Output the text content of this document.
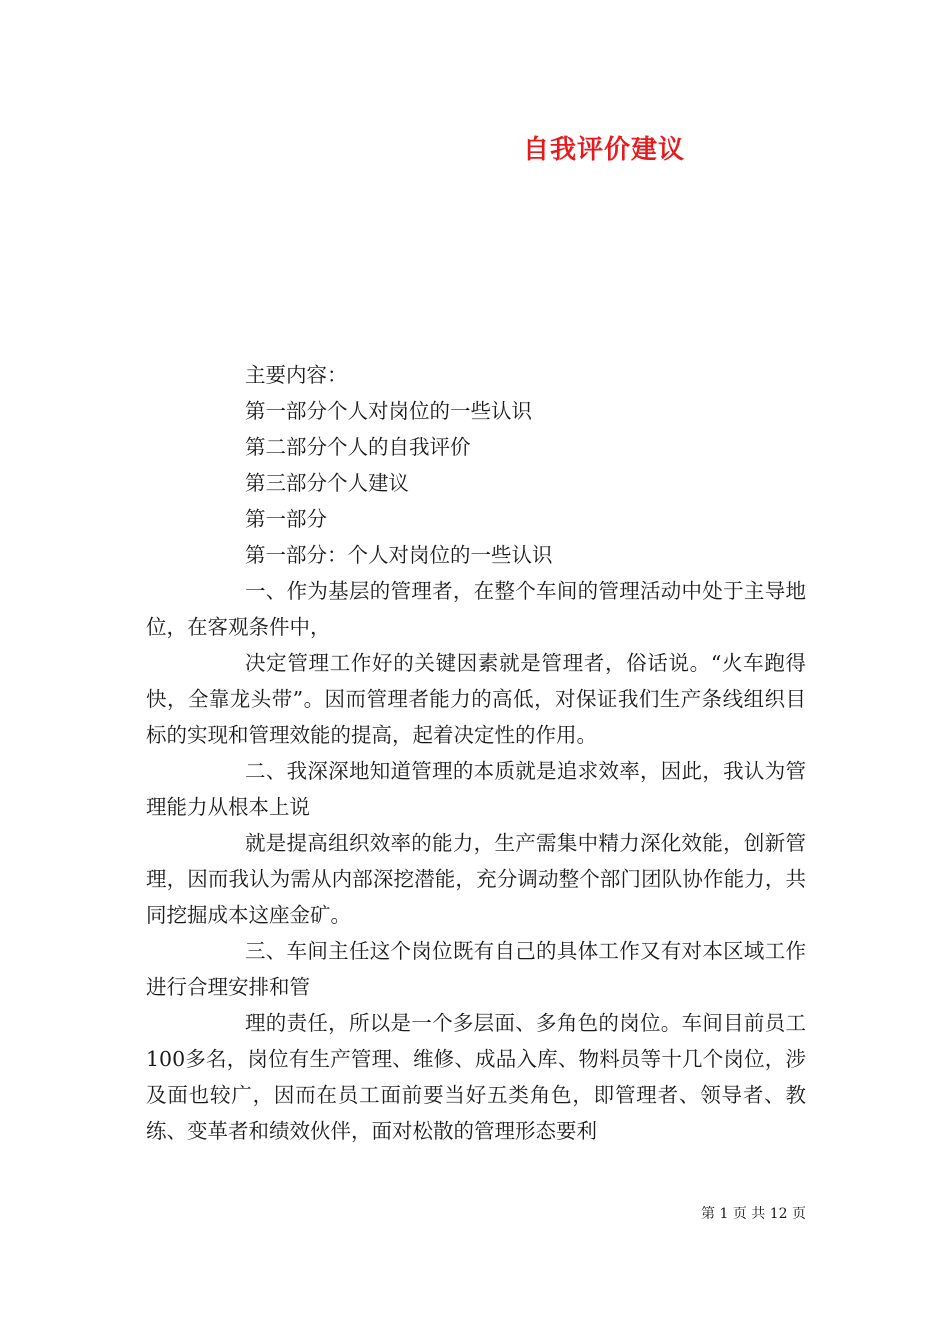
自我评价建议

主要内容：

第一部分个人对岗位的一些认识

第二部分个人的自我评价

第三部分个人建议

第一部分

第一部分：个人对岗位的一些认识

一、作为基层的管理者，在整个车间的管理活动中处于主导地位，在客观条件中，

决定管理工作好的关键因素就是管理者，俗话说。“火车跑得快，全靠龙头带”。因而管理者能力的高低，对保证我们生产条线组织目标的实现和管理效能的提高，起着决定性的作用。

二、我深深地知道管理的本质就是追求效率，因此，我认为管理能力从根本上说

就是提高组织效率的能力，生产需集中精力深化效能，创新管理，因而我认为需从内部深挖潜能，充分调动整个部门团队协作能力，共同挖掘成本这座金矿。

三、车间主任这个岗位既有自己的具体工作又有对本区域工作进行合理安排和管

理的责任，所以是一个多层面、多角色的岗位。车间目前员工100多名，岗位有生产管理、维修、成品入库、物料员等十几个岗位，涉及面也较广，因而在员工面前要当好五类角色，即管理者、领导者、教练、变革者和绩效伙伴，面对松散的管理形态要利

第 1 页 共 12 页
